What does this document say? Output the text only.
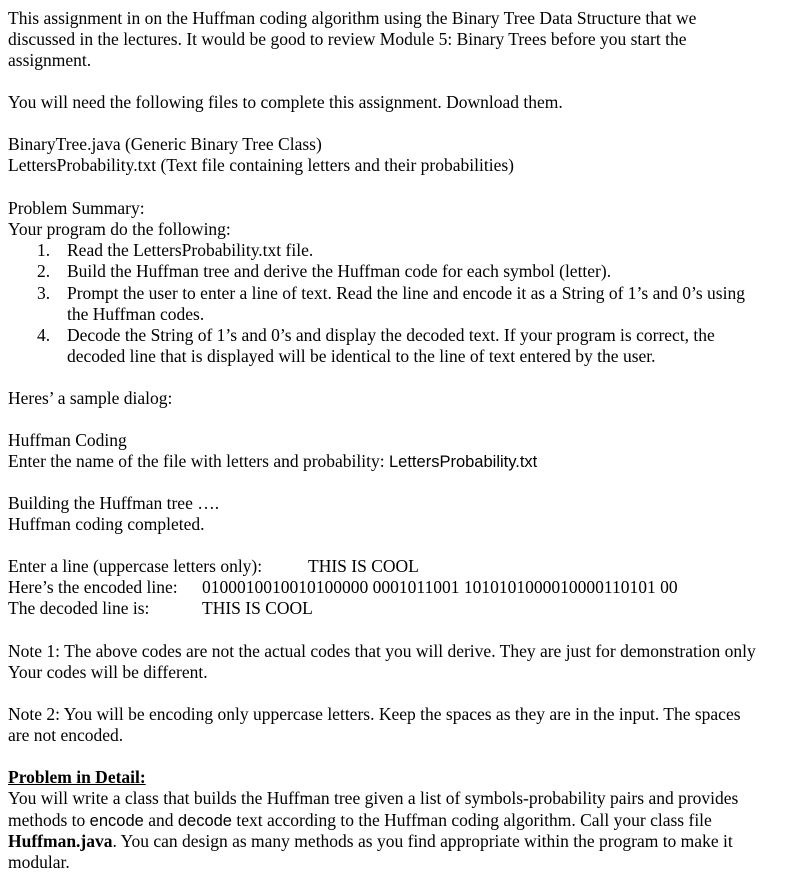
This assignment in on the Huffman coding algorithm using the Binary Tree Data Structure that we
discussed in the lectures. It would be good to review Module 5: Binary Trees before you start the
assignment.
You will need the following files to complete this assignment. Download them.
BinaryTree.java (Generic Binary Tree Class)
LettersProbability.txt (Text file containing letters and their probabilities)
Problem Summary:
Your program do the following:
1. Read the LettersProbability.txt file.
2. Build the Huffman tree and derive the Huffman code for each symbol (letter).
3. Prompt the user to enter a line of text. Read the line and encode it as a String of 1’s and 0’s using
the Huffman codes.
4. Decode the String of 1’s and 0’s and display the decoded text. If your program is correct, the
decoded line that is displayed will be identical to the line of text entered by the user.
Heres’ a sample dialog:
Huffman Coding
Enter the name of the file with letters and probability: LettersProbability.txt
Building the Huffman tree ….
Huffman coding completed.
Enter a line (uppercase letters only):	THIS IS COOL
Here’s the encoded line: 0100010010010100000 0001011001 1010101000010000110101 00
The decoded line is:	THIS IS COOL
Note 1: The above codes are not the actual codes that you will derive. They are just for demonstration only
Your codes will be different.
Note 2: You will be encoding only uppercase letters. Keep the spaces as they are in the input. The spaces
are not encoded.
Problem in Detail:
You will write a class that builds the Huffman tree given a list of symbols-probability pairs and provides
methods to encode and decode text according to the Huffman coding algorithm. Call your class file
Huffman.java. You can design as many methods as you find appropriate within the program to make it
modular.
